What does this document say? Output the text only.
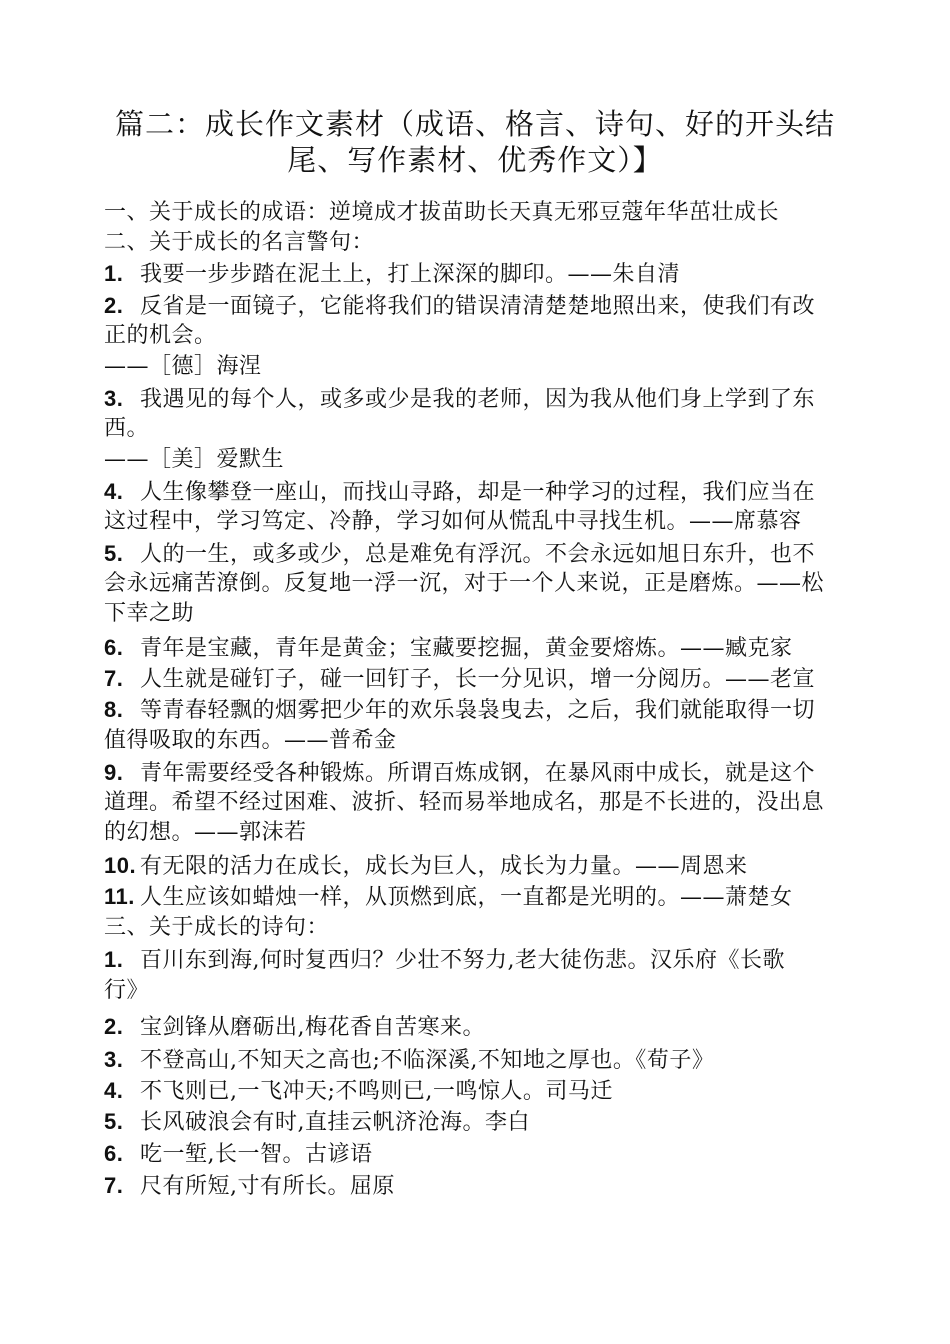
篇二：成长作文素材（成语、格言、诗句、好的开头结
尾、写作素材、优秀作文）】
一、关于成长的成语：逆境成才拔苗助长天真无邪豆蔻年华茁壮成长
二、关于成长的名言警句：
1. 我要一步步踏在泥土上，打上深深的脚印。——朱自清
2. 反省是一面镜子，它能将我们的错误清清楚楚地照出来，使我们有改
正的机会。
——［德］海涅
3. 我遇见的每个人，或多或少是我的老师，因为我从他们身上学到了东
西。
——［美］爱默生
4. 人生像攀登一座山，而找山寻路，却是一种学习的过程，我们应当在
这过程中，学习笃定、冷静，学习如何从慌乱中寻找生机。——席慕容
5. 人的一生，或多或少，总是难免有浮沉。不会永远如旭日东升，也不
会永远痛苦潦倒。反复地一浮一沉，对于一个人来说，正是磨炼。——松
下幸之助
6. 青年是宝藏，青年是黄金；宝藏要挖掘，黄金要熔炼。——臧克家
7. 人生就是碰钉子，碰一回钉子，长一分见识，增一分阅历。——老宣
8. 等青春轻飘的烟雾把少年的欢乐袅袅曳去，之后，我们就能取得一切
值得吸取的东西。——普希金
9. 青年需要经受各种锻炼。所谓百炼成钢，在暴风雨中成长，就是这个
道理。希望不经过困难、波折、轻而易举地成名，那是不长进的，没出息
的幻想。——郭沫若
10. 有无限的活力在成长，成长为巨人，成长为力量。——周恩来
11. 人生应该如蜡烛一样，从顶燃到底，一直都是光明的。——萧楚女
三、关于成长的诗句：
1. 百川东到海,何时复西归？少壮不努力,老大徒伤悲。汉乐府《长歌
行》
2. 宝剑锋从磨砺出,梅花香自苦寒来。
3. 不登高山,不知天之高也;不临深溪,不知地之厚也。《荀子》
4. 不飞则已,一飞冲天;不鸣则已,一鸣惊人。司马迁
5. 长风破浪会有时,直挂云帆济沧海。李白
6. 吃一堑,长一智。古谚语
7. 尺有所短,寸有所长。屈原
